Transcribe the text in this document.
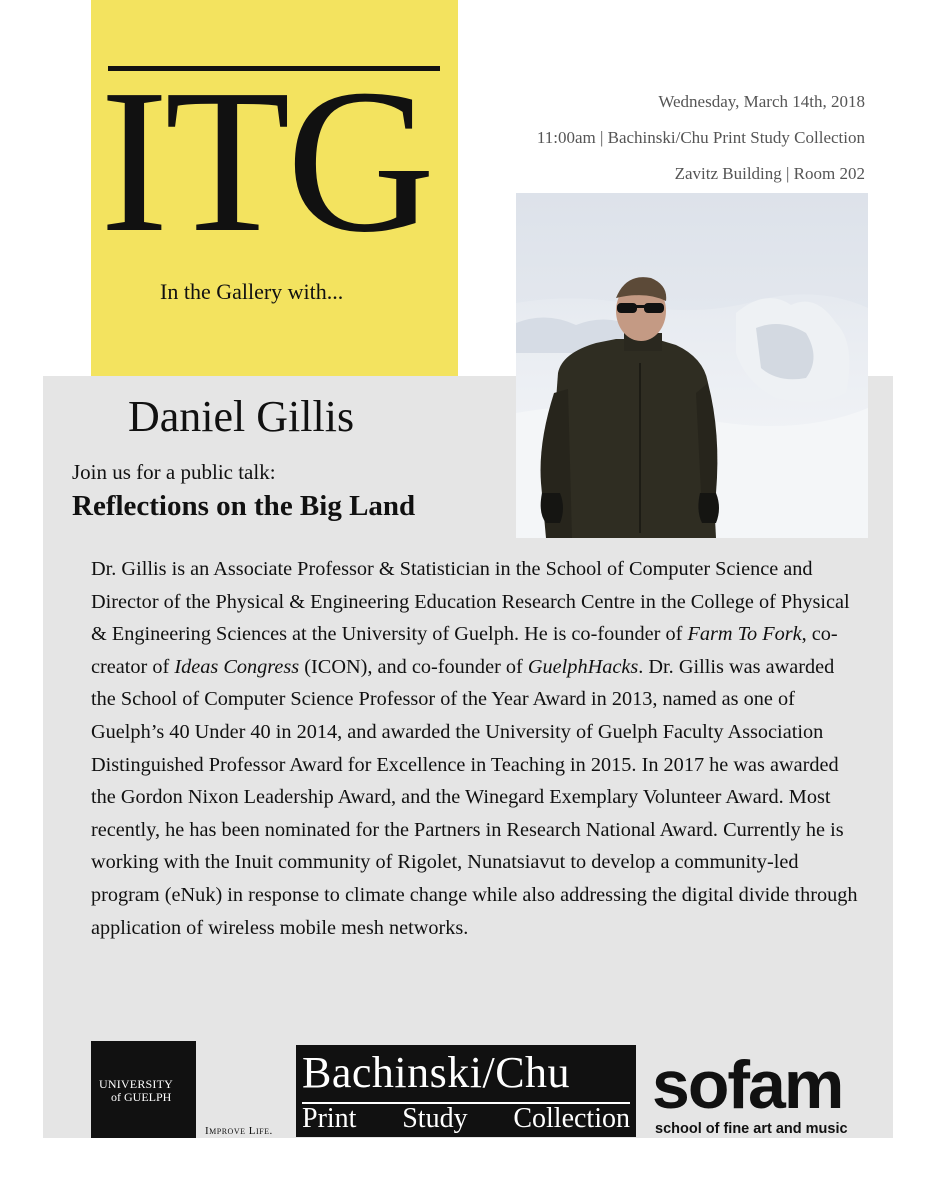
ITG
In the Gallery with...
Wednesday, March 14th, 2018
11:00am | Bachinski/Chu Print Study Collection
Zavitz Building | Room 202
Daniel Gillis
Join us for a public talk:
Reflections on the Big Land

Dr. Gillis is an Associate Professor & Statistician in the School of Computer Science and Director of the Physical & Engineering Education Research Centre in the College of Physical & Engineering Sciences at the University of Guelph. He is co-founder of Farm To Fork, co-creator of Ideas Congress (ICON), and co-founder of GuelphHacks. Dr. Gillis was awarded the School of Computer Science Professor of the Year Award in 2013, named as one of Guelph’s 40 Under 40 in 2014, and awarded the University of Guelph Faculty Association Distinguished Professor Award for Excellence in Teaching in 2015. In 2017 he was awarded the Gordon Nixon Leadership Award, and the Winegard Exemplary Volunteer Award. Most recently, he has been nominated for the Partners in Research National Award. Currently he is working with the Inuit community of Rigolet, Nunatsiavut to develop a community-led program (eNuk) in response to climate change while also addressing the digital divide through application of wireless mobile mesh networks.

UNIVERSITY
of GUELPH
Improve Life.
Bachinski/Chu
Print Study Collection sofam
school of fine art and music
